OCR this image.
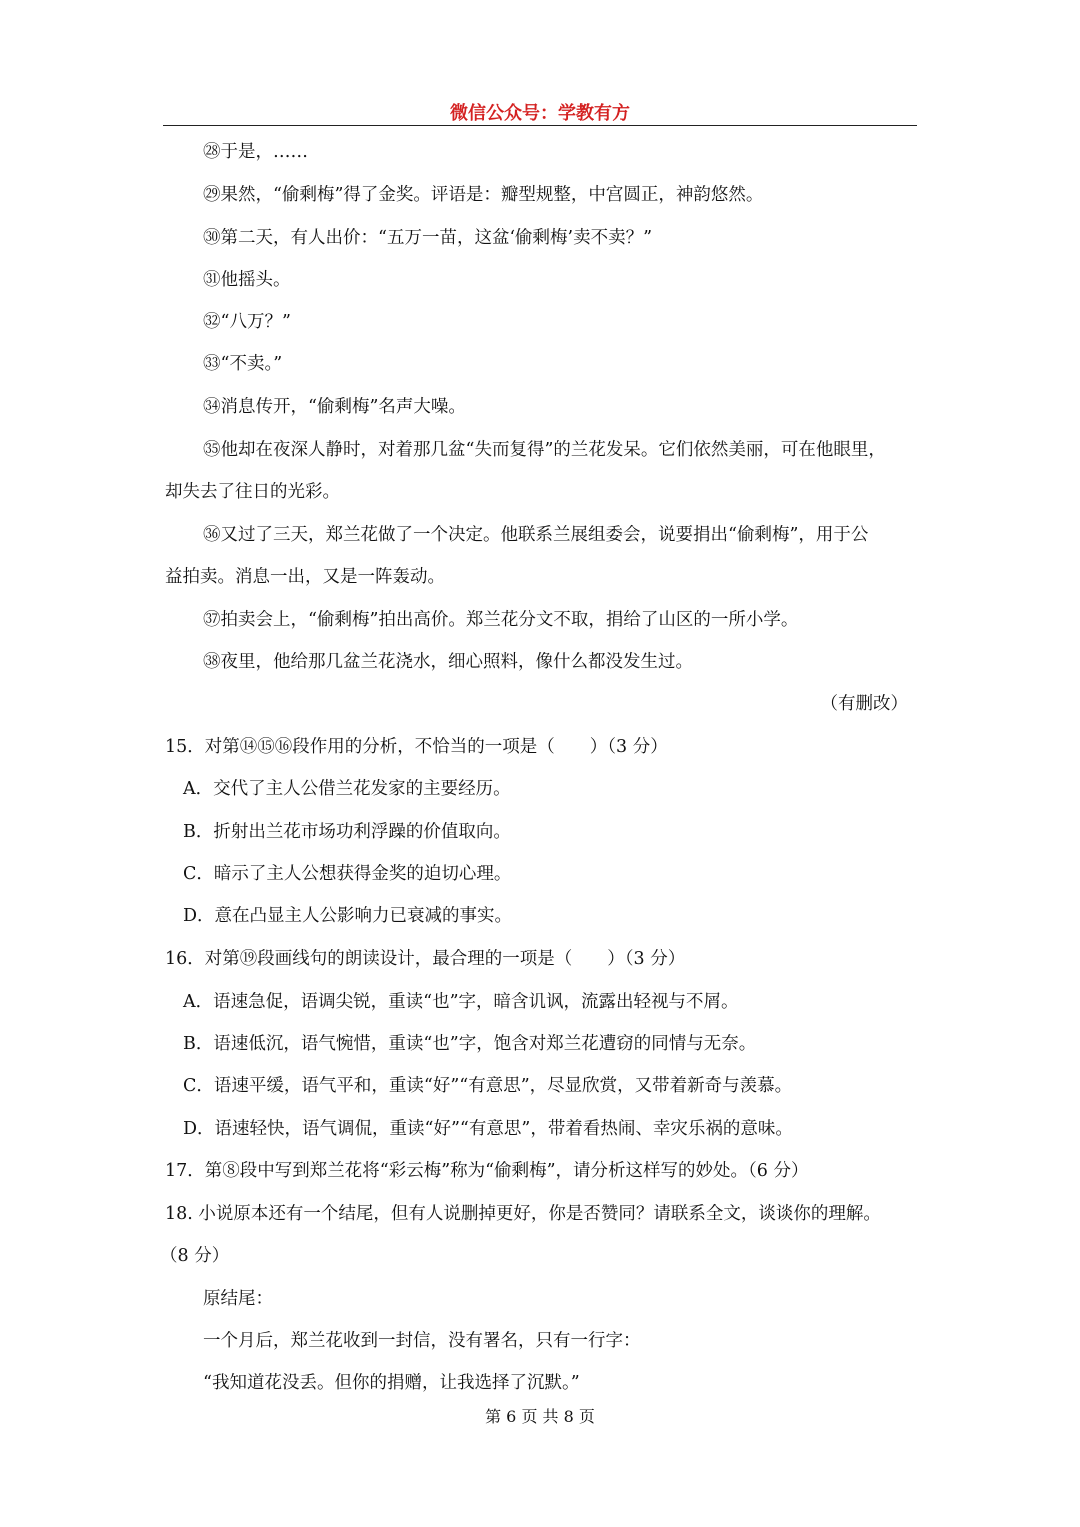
微信公众号：学教有方
㉘于是，……
㉙果然，“偷剩梅”得了金奖。评语是：瓣型规整，中宫圆正，神韵悠然。
㉚第二天，有人出价：“五万一苗，这盆‘偷剩梅’卖不卖？”
㉛他摇头。
㉜“八万？”
㉝“不卖。”
㉞消息传开，“偷剩梅”名声大噪。
㉟他却在夜深人静时，对着那几盆“失而复得”的兰花发呆。它们依然美丽，可在他眼里，
却失去了往日的光彩。
㊱又过了三天，郑兰花做了一个决定。他联系兰展组委会，说要捐出“偷剩梅”，用于公
益拍卖。消息一出，又是一阵轰动。
㊲拍卖会上，“偷剩梅”拍出高价。郑兰花分文不取，捐给了山区的一所小学。
㊳夜里，他给那几盆兰花浇水，细心照料，像什么都没发生过。
（有删改）
15．对第⑭⑮⑯段作用的分析，不恰当的一项是（　　）（3 分）
A．交代了主人公借兰花发家的主要经历。
B．折射出兰花市场功利浮躁的价值取向。
C．暗示了主人公想获得金奖的迫切心理。
D．意在凸显主人公影响力已衰减的事实。
16．对第⑲段画线句的朗读设计，最合理的一项是（　　）（3 分）
A．语速急促，语调尖锐，重读“也”字，暗含讥讽，流露出轻视与不屑。
B．语速低沉，语气惋惜，重读“也”字，饱含对郑兰花遭窃的同情与无奈。
C．语速平缓，语气平和，重读“好”“有意思”，尽显欣赏，又带着新奇与羡慕。
D．语速轻快，语气调侃，重读“好”“有意思”，带着看热闹、幸灾乐祸的意味。
17．第⑧段中写到郑兰花将“彩云梅”称为“偷剩梅”，请分析这样写的妙处。（6 分）
18. 小说原本还有一个结尾，但有人说删掉更好，你是否赞同？请联系全文，谈谈你的理解。
（8 分）
原结尾：
一个月后，郑兰花收到一封信，没有署名，只有一行字：
“我知道花没丢。但你的捐赠，让我选择了沉默。”
第 6 页 共 8 页
